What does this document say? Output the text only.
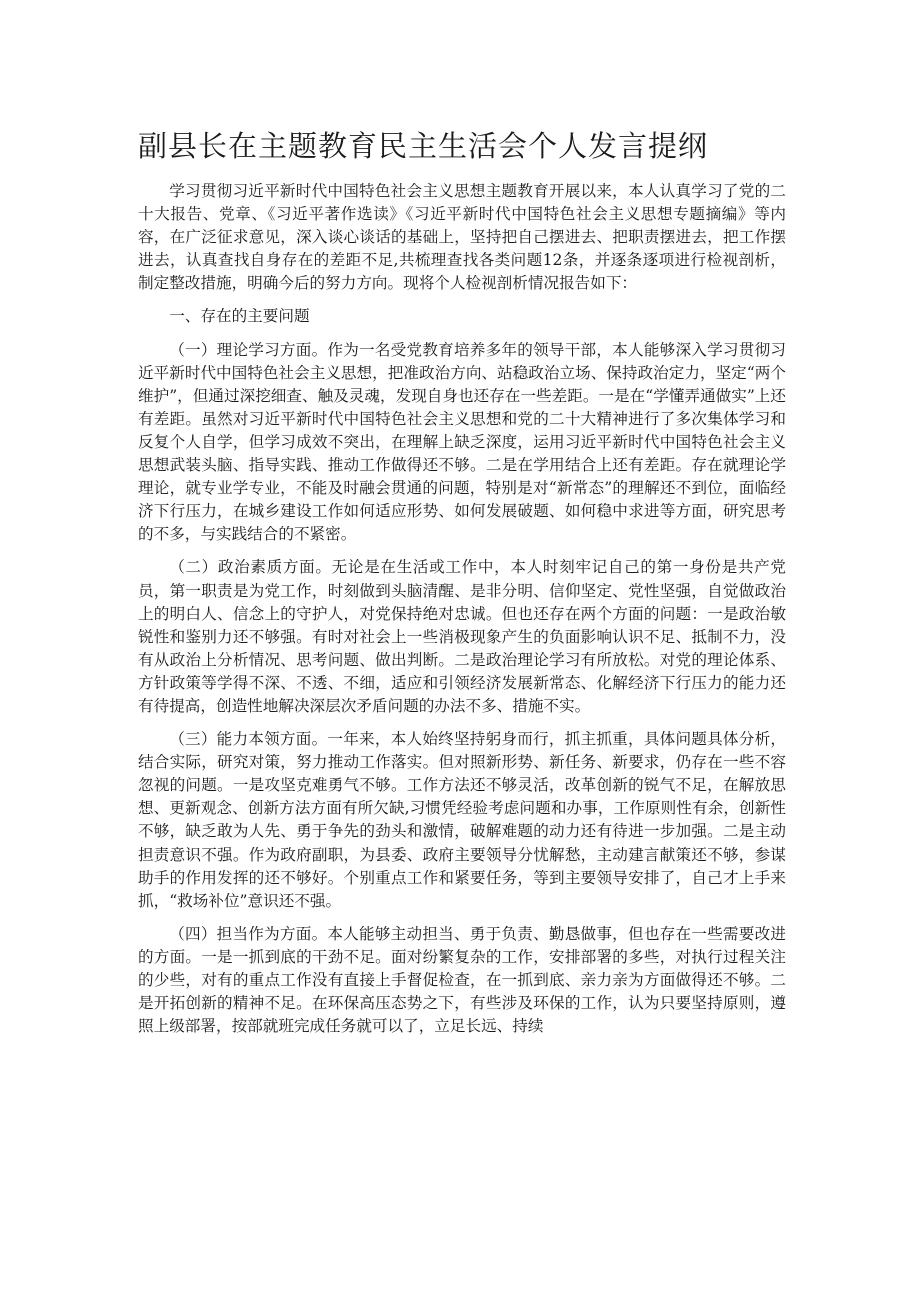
副县长在主题教育民主生活会个人发言提纲

学习贯彻习近平新时代中国特色社会主义思想主题教育开展以来，本人认真学习了党的二十大报告、党章、《习近平著作选读》《习近平新时代中国特色社会主义思想专题摘编》等内容，在广泛征求意见，深入谈心谈话的基础上，坚持把自己摆进去、把职责摆进去，把工作摆进去，认真查找自身存在的差距不足,共梳理查找各类问题12条，并逐条逐项进行检视剖析，制定整改措施，明确今后的努力方向。现将个人检视剖析情况报告如下：

一、存在的主要问题

（一）理论学习方面。作为一名受党教育培养多年的领导干部，本人能够深入学习贯彻习近平新时代中国特色社会主义思想，把准政治方向、站稳政治立场、保持政治定力，坚定“两个维护”，但通过深挖细查、触及灵魂，发现自身也还存在一些差距。一是在“学懂弄通做实”上还有差距。虽然对习近平新时代中国特色社会主义思想和党的二十大精神进行了多次集体学习和反复个人自学，但学习成效不突出，在理解上缺乏深度，运用习近平新时代中国特色社会主义思想武装头脑、指导实践、推动工作做得还不够。二是在学用结合上还有差距。存在就理论学理论，就专业学专业，不能及时融会贯通的问题，特别是对“新常态”的理解还不到位，面临经济下行压力，在城乡建设工作如何适应形势、如何发展破题、如何稳中求进等方面，研究思考的不多，与实践结合的不紧密。

（二）政治素质方面。无论是在生活或工作中，本人时刻牢记自己的第一身份是共产党员，第一职责是为党工作，时刻做到头脑清醒、是非分明、信仰坚定、党性坚强，自觉做政治上的明白人、信念上的守护人，对党保持绝对忠诚。但也还存在两个方面的问题：一是政治敏锐性和鉴别力还不够强。有时对社会上一些消极现象产生的负面影响认识不足、抵制不力，没有从政治上分析情况、思考问题、做出判断。二是政治理论学习有所放松。对党的理论体系、方针政策等学得不深、不透、不细，适应和引领经济发展新常态、化解经济下行压力的能力还有待提高，创造性地解决深层次矛盾问题的办法不多、措施不实。

（三）能力本领方面。一年来，本人始终坚持躬身而行，抓主抓重，具体问题具体分析，结合实际，研究对策，努力推动工作落实。但对照新形势、新任务、新要求，仍存在一些不容忽视的问题。一是攻坚克难勇气不够。工作方法还不够灵活，改革创新的锐气不足，在解放思想、更新观念、创新方法方面有所欠缺,习惯凭经验考虑问题和办事，工作原则性有余，创新性不够，缺乏敢为人先、勇于争先的劲头和激情，破解难题的动力还有待进一步加强。二是主动担责意识不强。作为政府副职，为县委、政府主要领导分忧解愁，主动建言献策还不够，参谋助手的作用发挥的还不够好。个别重点工作和紧要任务，等到主要领导安排了，自己才上手来抓，“救场补位”意识还不强。

（四）担当作为方面。本人能够主动担当、勇于负责、勤恳做事，但也存在一些需要改进的方面。一是一抓到底的干劲不足。面对纷繁复杂的工作，安排部署的多些，对执行过程关注的少些，对有的重点工作没有直接上手督促检查，在一抓到底、亲力亲为方面做得还不够。二是开拓创新的精神不足。在环保高压态势之下，有些涉及环保的工作，认为只要坚持原则，遵照上级部署，按部就班完成任务就可以了，立足长远、持续
